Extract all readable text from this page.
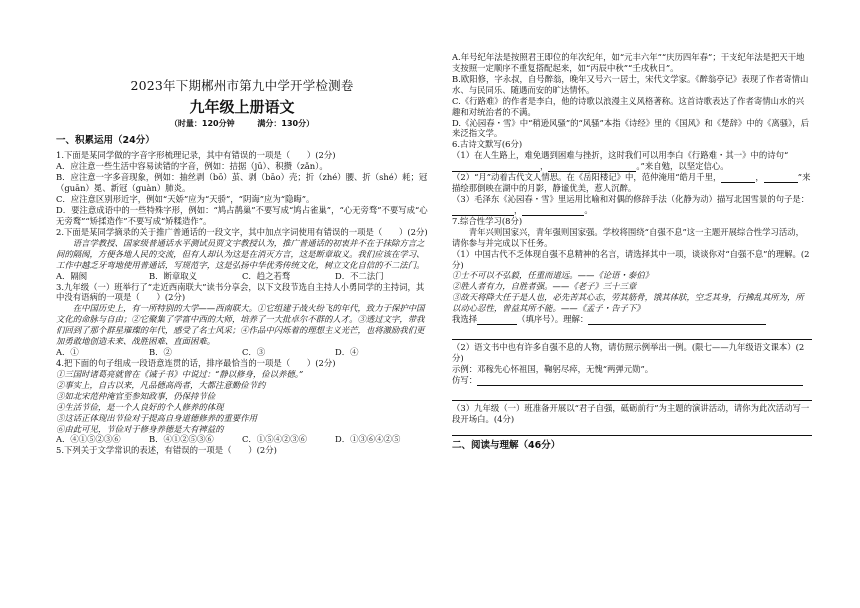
2023年下期郴州市第九中学开学检测卷
九年级上册语文
（时量：120分钟	满分：130分）
一、积累运用（24分）

1.下面是某同学做的字音字形梳理记录，其中有错误的一项是（　　）(2分)

A．应注意一些生活中容易读错的字音，例如：拮据（jū）、积攒（zǎn）。

B．应注意一字多音现象，例如：抽丝剥（bō）茧、剥（bāo）壳；折（zhé）腰、折（shé）耗；冠（guān）冕、新冠（guàn）肺炎。

C．应注意区别形近字，例如“天娇”应为“天骄”，“阴诲”应为“隐晦”。

D．要注意成语中的一些特殊字形，例如：“鸠占鹊巢”不要写成“鸠占雀巢”，“心无旁骛”不要写成“心无旁鹜”“矫揉造作”不要写成“矫糅造作”。

2.下面是某同学摘录的关于推广普通话的一段文字，其中加点字词使用有错误的一项是（　　）(2分)

语言学教授、国家级普通话水平测试员贾文宇教授认为，推广普通话的初衷并不在于抹除方言之间的隔阂，方便各地人民的交流，但有人却认为这是在消灭方言，这是断章取义。我们应该在学习、工作中越乏牙弯地使用普通话，写规范字，这是弘扬中华优秀传统文化，树立文化自信的不二法门。

A．隔阂	B．断章取义	C．趋之若骛	D．不二法门

3.九年级（一）班举行了“走近西南联大”读书分享会，以下文段节选自主持人小勇同学的主持词，其中没有语病的一项是（　　）(2分)

在中国历史上，有一所特别的大学——西南联大。①它组建于战火纷飞的年代，致力于保护中国文化的命脉与自由；②它聚集了学富中西的大师，培养了一大批卓尔不群的人才。③透过文字，带我们回到了那个群星璀璨的年代，感受了名士风采；④作品中闪烁着的理想主义光芒，也将激励我们更加勇敢地创造未来、战胜困难、直面困难。

A．①	B．②	C．③	D．④

4.把下面的句子组成一段语意连贯的话，排序最恰当的一项是（　　）(2分)

①三国时诸葛亮就曾在《诫子书》中说过：“静以修身，俭以养德。”

②事实上，自古以来，凡品德高尚者，大都注意勤俭节约

③如北宋范仲淹官至参知政事，仍保持节俭

④生活节俭，是一个人良好的个人修养的体现

⑤这话正体现出节俭对于提高自身道德修养的重要作用

⑥由此可见，节俭对于修身养德是大有裨益的

A．④①⑤②③⑥	B．④①②⑤③⑥	C．①⑤④②③⑥	D．①③⑥④②⑤

5.下列关于文学常识的表述，有错误的一项是（　　）(2分)

A.年号纪年法是按照君王即位的年次纪年，如“元丰六年”“庆历四年春”；干支纪年法是把天干地支按照一定顺序不重复搭配起来，如“丙辰中秋”“壬戌秋日”。

B.欧阳修，字永叔，自号醉翁，晚年又号六一居士，宋代文学家。《醉翁亭记》表现了作者寄情山水、与民同乐、随遇而安的旷达情怀。

C.《行路难》的作者是李白，他的诗歌以浪漫主义风格著称。这首诗歌表达了作者寄情山水的兴趣和对统治者的不满。

D.《沁园春・雪》中“稍逊风骚”的“风骚”本指《诗经》里的《国风》和《楚辞》中的《离骚》，后来泛指文学。

6.古诗文默写(6分)

（1）在人生路上，难免遇到困难与挫折，这时我们可以用李白《行路难・其一》中的诗句“，	。”来自勉，以坚定信心。

（2）“月”动着古代文人情思。在《岳阳楼记》中，范仲淹用“皓月千里，	，	”来描绘那倒映在湖中的月影，静谧优美，惹人沉醉。

（3）毛泽东《沁园春・雪》里运用比喻和对偶的修辞手法（化静为动）描写北国雪景的句子是：，	。

7.综合性学习(8分)

青年兴则国家兴，青年强则国家强。学校将围绕“自强不息”这一主题开展综合性学习活动，请你参与并完成以下任务。

（1）中国古代不乏体现自强不息精神的名言，请选择其中一项，谈谈你对“自强不息”的理解。(2分)

①士不可以不弘毅，任重而道远。——《论语・泰伯》

②胜人者有力，自胜者强。——《老子》三十三章

③故天将降大任于是人也，必先苦其心志，劳其筋骨，饿其体肤，空乏其身，行拂乱其所为，所以动心忍性，曾益其所不能。——《孟子・告子下》

我选择	（填序号）。理解：

（2）语文书中也有许多自强不息的人物，请仿照示例举出一例。(限七——九年级语文课本）(2分)

示例：邓稼先心怀祖国，鞠躬尽瘁，无愧“两弹元勋”。

仿写：

（3）九年级（一）班准备开展以“君子自强，砥砺前行”为主题的演讲活动，请你为此次活动写一段开场白。(4分)

二、阅读与理解（46分）
